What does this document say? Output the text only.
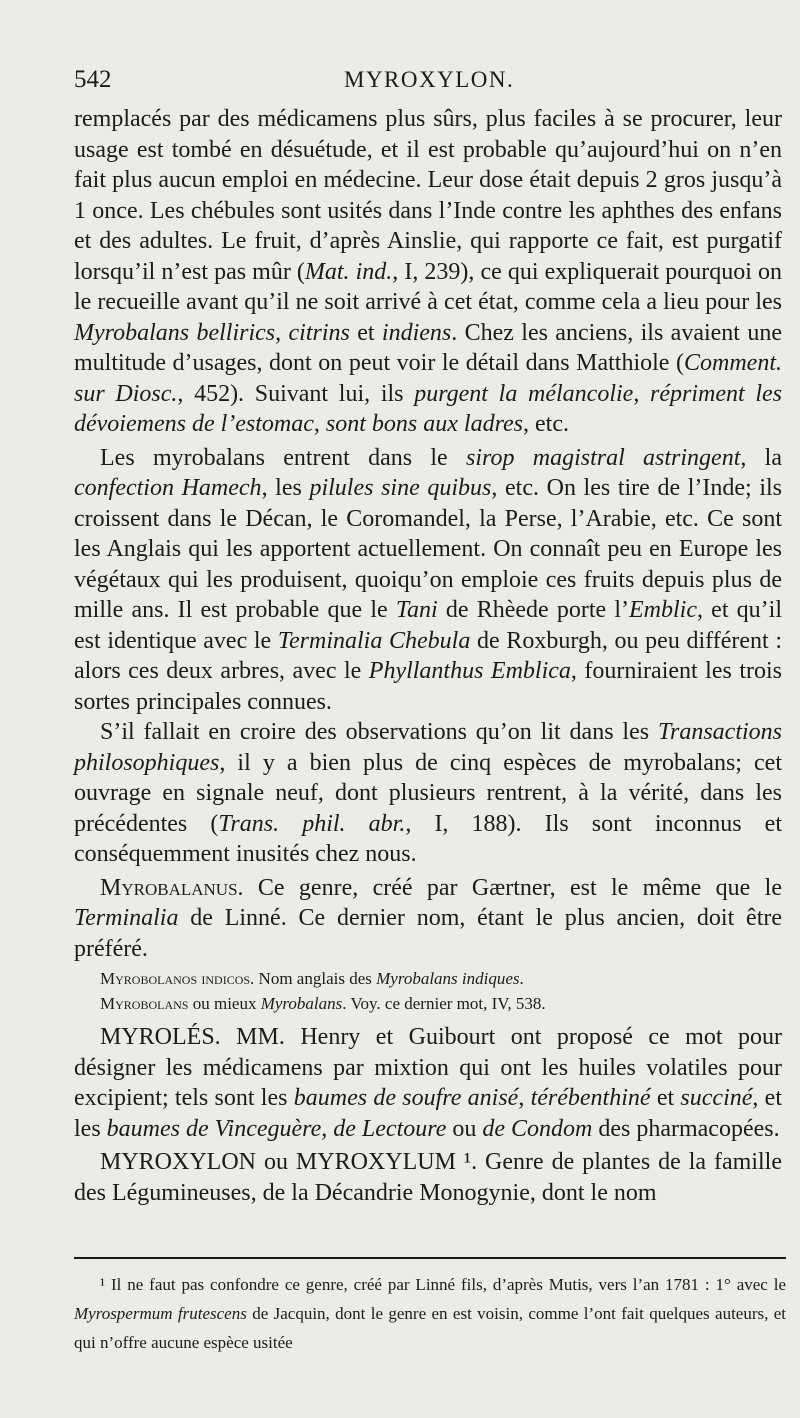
542	MYROXYLON.

remplacés par des médicamens plus sûrs, plus faciles à se procurer, leur usage est tombé en désuétude, et il est probable qu’aujourd’hui on n’en fait plus aucun emploi en médecine. Leur dose était depuis 2 gros jusqu’à 1 once. Les chébules sont usités dans l’Inde contre les aphthes des enfans et des adultes. Le fruit, d’après Ainslie, qui rapporte ce fait, est purgatif lorsqu’il n’est pas mûr (Mat. ind., I, 239), ce qui expliquerait pourquoi on le recueille avant qu’il ne soit arrivé à cet état, comme cela a lieu pour les Myrobalans belliriсs, citrins et indiens. Chez les anciens, ils avaient une multitude d’usages, dont on peut voir le détail dans Matthiole (Comment. sur Diosc., 452). Suivant lui, ils purgent la mélancolie, répriment les dévoiemens de l’estomac, sont bons aux ladres, etc.

Les myrobalans entrent dans le sirop magistral astringent, la confection Hamech, les pilules sine quibus, etc. On les tire de l’Inde; ils croissent dans le Décan, le Coromandel, la Perse, l’Arabie, etc. Ce sont les Anglais qui les apportent actuellement. On connaît peu en Europe les végétaux qui les produisent, quoiqu’on emploie ces fruits depuis plus de mille ans. Il est probable que le Tani de Rhèede porte l’Emblic, et qu’il est identique avec le Terminalia Chebula de Roxburgh, ou peu différent : alors ces deux arbres, avec le Phyllanthus Emblica, fourniraient les trois sortes principales connues.

S’il fallait en croire des observations qu’on lit dans les Transactions philosophiques, il y a bien plus de cinq espèces de myrobalans; cet ouvrage en signale neuf, dont plusieurs rentrent, à la vérité, dans les précédentes (Trans. phil. abr., I, 188). Ils sont inconnus et conséquemment inusités chez nous.

Myrobalanus. Ce genre, créé par Gærtner, est le même que le Terminalia de Linné. Ce dernier nom, étant le plus ancien, doit être préféré.

Myrobolanos indicos. Nom anglais des Myrobalans indiques.

Myrobolans ou mieux Myrobalans. Voy. ce dernier mot, IV, 538.

MYROLÉS. MM. Henry et Guibourt ont proposé ce mot pour désigner les médicamens par mixtion qui ont les huiles volatiles pour excipient; tels sont les baumes de soufre anisé, térébenthiné et succiné, et les baumes de Vinceguère, de Lectoure ou de Condom des pharmacopées.

MYROXYLON ou MYROXYLUM ¹. Genre de plantes de la famille des Légumineuses, de la Décandrie Monogynie, dont le nom

¹ Il ne faut pas confondre ce genre, créé par Linné fils, d’après Mutis, vers l’an 1781 : 1° avec le Myrospermum frutescens de Jacquin, dont le genre en est voisin, comme l’ont fait quelques auteurs, et qui n’offre aucune espèce usitée
